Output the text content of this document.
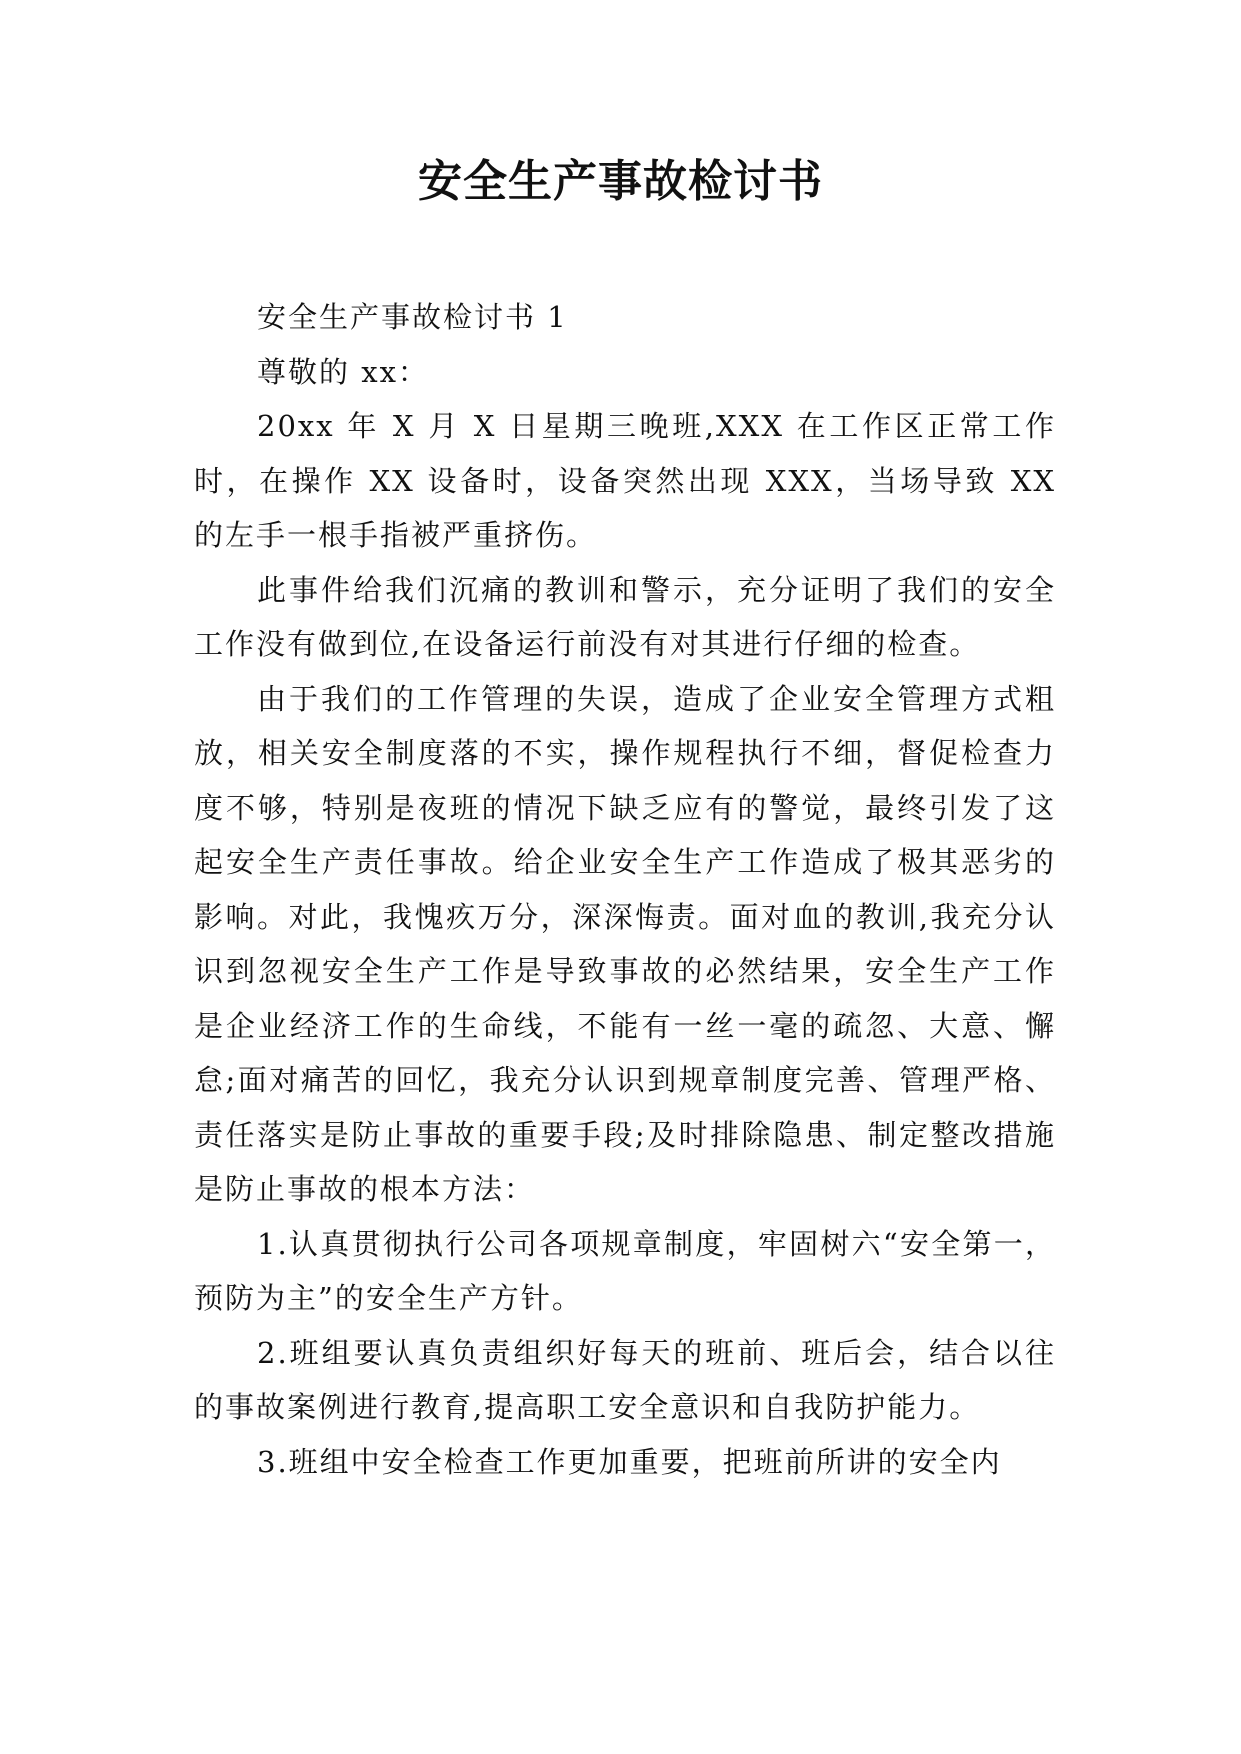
安全生产事故检讨书

安全生产事故检讨书 1

尊敬的 xx：

20xx 年 X 月 X 日星期三晚班,XXX 在工作区正常工作时，在操作 XX 设备时，设备突然出现 XXX，当场导致 XX 的左手一根手指被严重挤伤。

此事件给我们沉痛的教训和警示，充分证明了我们的安全工作没有做到位,在设备运行前没有对其进行仔细的检查。

由于我们的工作管理的失误，造成了企业安全管理方式粗放，相关安全制度落的不实，操作规程执行不细，督促检查力度不够，特别是夜班的情况下缺乏应有的警觉，最终引发了这起安全生产责任事故。给企业安全生产工作造成了极其恶劣的影响。对此，我愧疚万分，深深悔责。面对血的教训,我充分认识到忽视安全生产工作是导致事故的必然结果，安全生产工作是企业经济工作的生命线，不能有一丝一毫的疏忽、大意、懈怠;面对痛苦的回忆，我充分认识到规章制度完善、管理严格、责任落实是防止事故的重要手段;及时排除隐患、制定整改措施是防止事故的根本方法：

1.认真贯彻执行公司各项规章制度，牢固树六“安全第一，预防为主”的安全生产方针。

2.班组要认真负责组织好每天的班前、班后会，结合以往的事故案例进行教育,提高职工安全意识和自我防护能力。

3.班组中安全检查工作更加重要，把班前所讲的安全内
